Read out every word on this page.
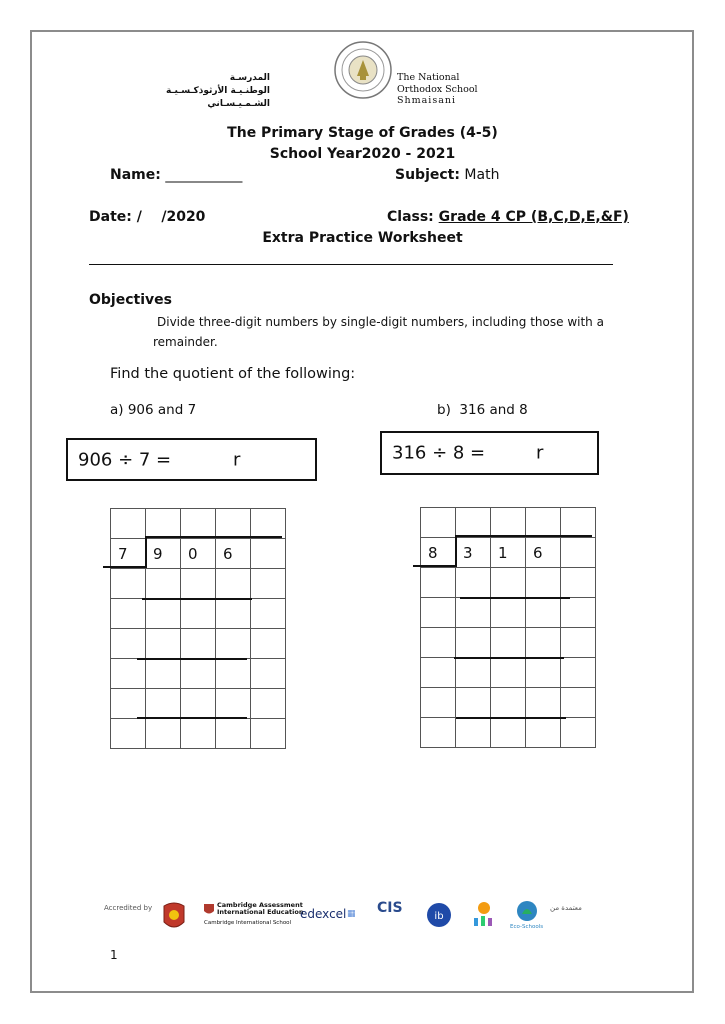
المدرسـة
الوطنـيـة الأرثوذكـسـيـة
الشـمـيـسـاني
The National
Orthodox School
Shmaisani
The Primary Stage of Grades (4-5)
School Year2020 - 2021
Name: ___________	Subject: Math
Date: /    /2020	Class: Grade 4 CP (B,C,D,E,&F)
Extra Practice Worksheet
Objectives
Divide three-digit numbers by single-digit numbers, including those with a remainder.
Find the quotient of the following:
a) 906 and 7	b)  316 and 8
906 ÷ 7 =	r	316 ÷ 8 =	r

7	9	0	6	

					8	3	1	6	

Accredited by	Cambridge Assessment
International Education
Cambridge International School
edexcel ▦ CIS
ib
Eco-Schools
معتمدة من
1
